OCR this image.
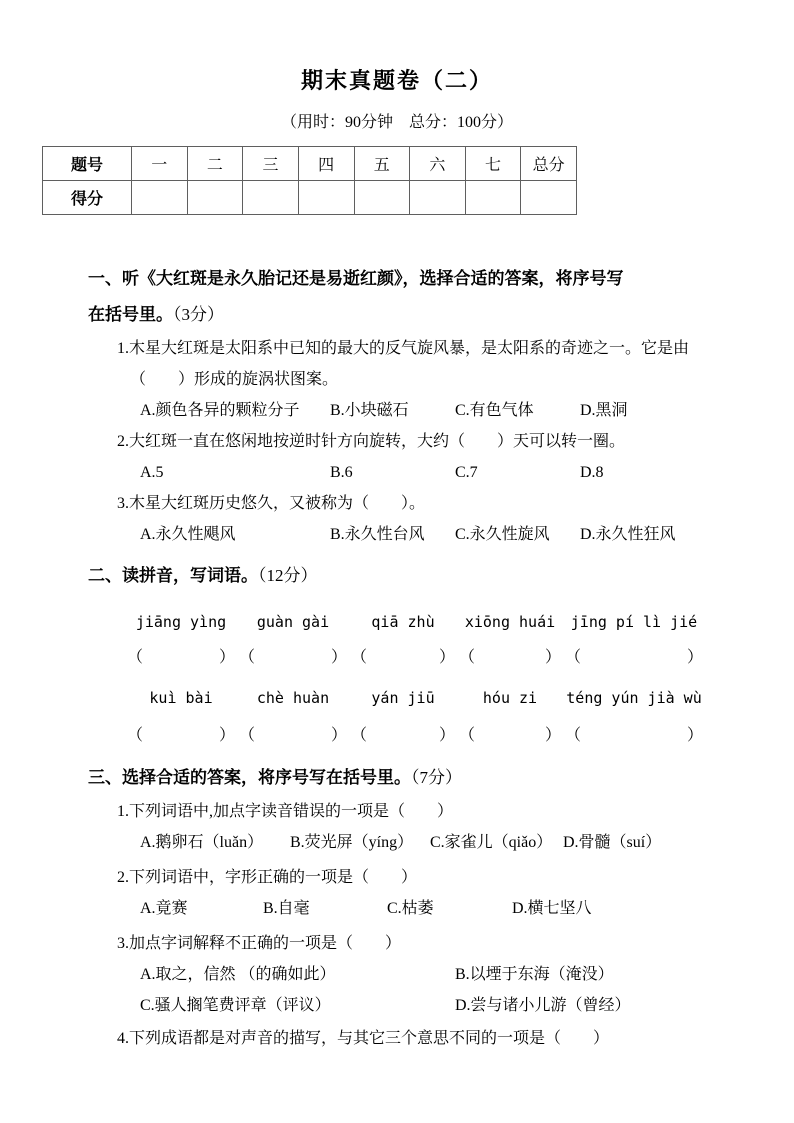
期末真题卷（二）
（用时：90分钟　总分：100分）
题号	一	二	三	四	五	六	七	总分
得分								
一、听《大红斑是永久胎记还是易逝红颜》，选择合适的答案，将序号写
在括号里。（3分）
1.木星大红斑是太阳系中已知的最大的反气旋风暴，是太阳系的奇迹之一。它是由
（　　）形成的旋涡状图案。
A.颜色各异的颗粒分子	B.小块磁石	C.有色气体	D.黑洞
2.大红斑一直在悠闲地按逆时针方向旋转，大约（　　）天可以转一圈。
A.5	B.6	C.7	D.8
3.木星大红斑历史悠久，又被称为（　　）。
A.永久性飓风	B.永久性台风	C.永久性旋风	D.永久性狂风
二、读拼音，写词语。（12分）
jiāng yìng	guàn gài	qiā zhù	xiōng huái	jīng pí lì jié
（	） （	） （	） （	） （	）
kuì bài	chè huàn	yán jiū	hóu zi	téng yún jià wù
（	） （	） （	） （	） （	）
三、选择合适的答案，将序号写在括号里。（7分）
1.下列词语中,加点字读音错误的一项是（　　）
A.鹅卵石（luǎn）	B.荧光屏（yíng）	C.家雀儿（qiǎo） D.骨髓（suí）
2.下列词语中，字形正确的一项是（　　）
A.竟赛	B.自毫	C.枯萎	D.横七坚八
3.加点字词解释不正确的一项是（　　）
A.取之，信然 （的确如此）	B.以堙于东海（淹没）
C.骚人搁笔费评章（评议）	D.尝与诸小儿游（曾经）
4.下列成语都是对声音的描写，与其它三个意思不同的一项是（　　）
